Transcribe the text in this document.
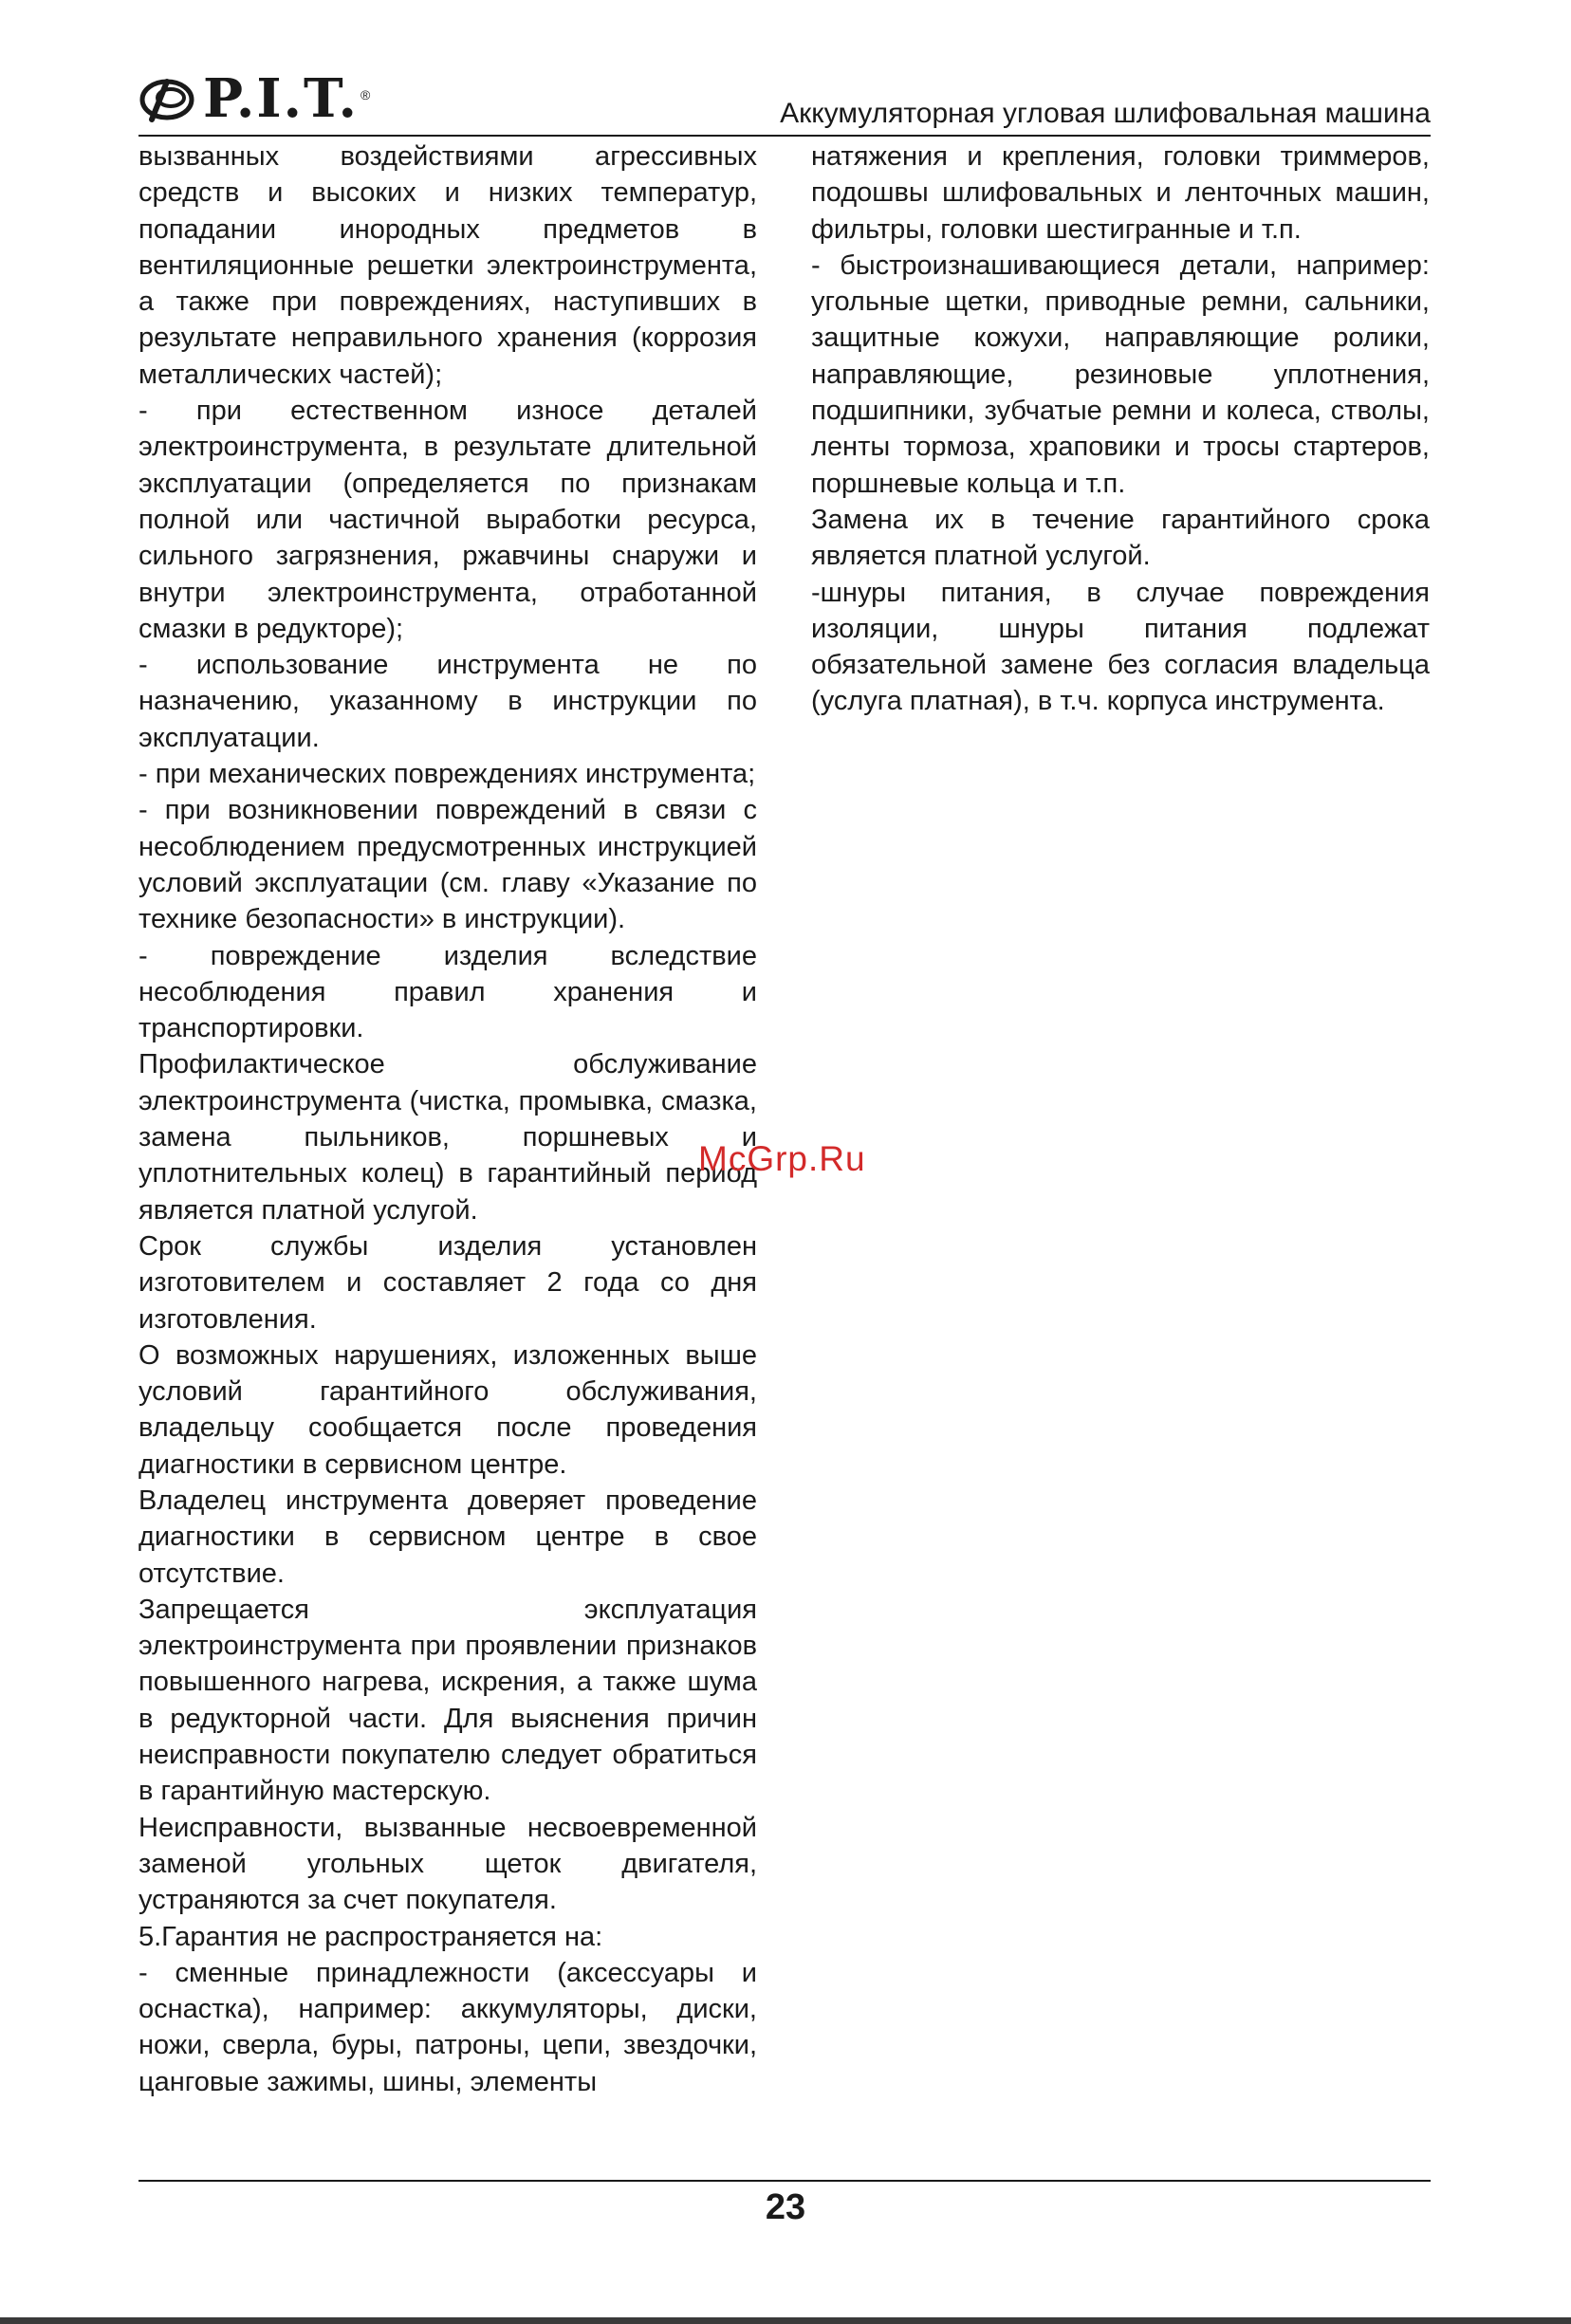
P.I.T. ®
Аккумуляторная угловая шлифовальная машина

вызванных воздействиями агрессивных средств и высоких и низких температур, попадании инородных предметов в вентиляционные решетки электроинструмента, а также при повреждениях, наступивших в результате неправильного хранения (коррозия металлических частей);

- при естественном износе деталей электроинструмента, в результате длительной эксплуатации (определяется по признакам полной или частичной выработки ресурса, сильного загрязнения, ржавчины снаружи и внутри электроинструмента, отработанной смазки в редукторе);

- использование инструмента не по назначению, указанному в инструкции по эксплуатации.

- при механических повреждениях инструмента;

- при возникновении повреждений в связи с несоблюдением предусмотренных инструкцией условий эксплуатации (см. главу «Указание по технике безопасности» в инструкции).

- повреждение изделия вследствие несоблюдения правил хранения и транспортировки.

Профилактическое обслуживание электроинструмента (чистка, промывка, смазка, замена пыльников, поршневых и уплотнительных колец) в гарантийный период является платной услугой.

Срок службы изделия установлен изготовителем и составляет 2 года со дня изготовления.

О возможных нарушениях, изложенных выше условий гарантийного обслуживания, владельцу сообщается после проведения диагностики в сервисном центре.

Владелец инструмента доверяет проведение диагностики в сервисном центре в свое отсутствие.

Запрещается эксплуатация электроинструмента при проявлении признаков повышенного нагрева, искрения, а также шума в редукторной части. Для выяснения причин неисправности покупателю следует обратиться в гарантийную мастерскую.

Неисправности, вызванные несвоевременной заменой угольных щеток двигателя, устраняются за счет покупателя.

5.Гарантия не распространяется на:

- сменные принадлежности (аксессуары и оснастка), например: аккумуляторы, диски, ножи, сверла, буры, патроны, цепи, звездочки, цанговые зажимы, шины, элементы

натяжения и крепления, головки триммеров, подошвы шлифовальных и ленточных машин, фильтры, головки шестигранные и т.п.

- быстроизнашивающиеся детали, например: угольные щетки, приводные ремни, сальники, защитные кожухи, направляющие ролики, направляющие, резиновые уплотнения, подшипники, зубчатые ремни и колеса, стволы, ленты тормоза, храповики и тросы стартеров, поршневые кольца и т.п.

Замена их в течение гарантийного срока является платной услугой.

-шнуры питания, в случае повреждения изоляции, шнуры питания подлежат обязательной замене без согласия владельца (услуга платная), в т.ч. корпуса инструмента.

McGrp.Ru
23
